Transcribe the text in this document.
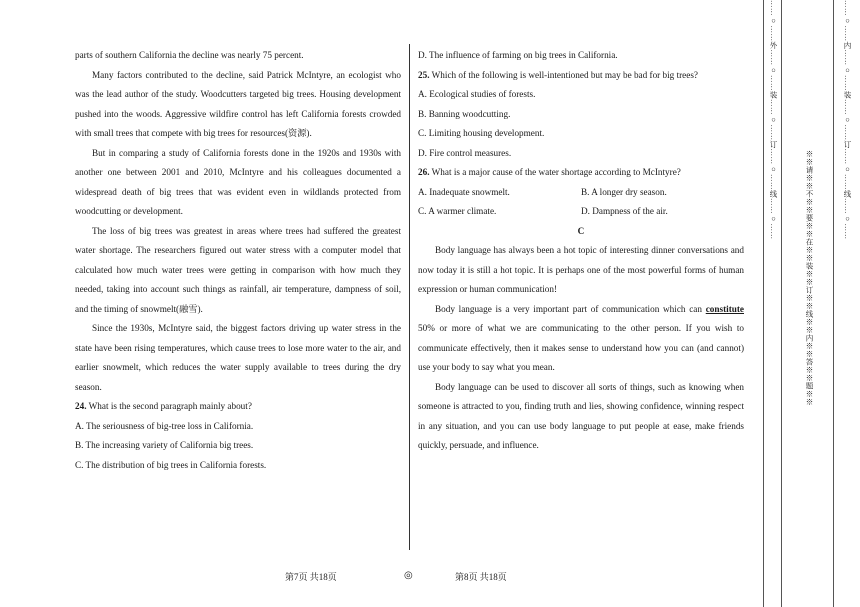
parts of southern California the decline was nearly 75 percent.

Many factors contributed to the decline, said Patrick McIntyre, an ecologist who was the lead author of the study. Woodcutters targeted big trees. Housing development pushed into the woods. Aggressive wildfire control has left California forests crowded with small trees that compete with big trees for resources(资源).

But in comparing a study of California forests done in the 1920s and 1930s with another one between 2001 and 2010, McIntyre and his colleagues documented a widespread death of big trees that was evident even in wildlands protected from woodcutting or development.

The loss of big trees was greatest in areas where trees had suffered the greatest water shortage. The researchers figured out water stress with a computer model that calculated how much water trees were getting in comparison with how much they needed, taking into account such things as rainfall, air temperature, dampness of soil, and the timing of snowmelt(融雪).

Since the 1930s, McIntyre said, the biggest factors driving up water stress in the state have been rising temperatures, which cause trees to lose more water to the air, and earlier snowmelt, which reduces the water supply available to trees during the dry season.

24. What is the second paragraph mainly about?

A. The seriousness of big-tree loss in California.

B. The increasing variety of California big trees.

C. The distribution of big trees in California forests.

D. The influence of farming on big trees in California.

25. Which of the following is well-intentioned but may be bad for big trees?

A. Ecological studies of forests.

B. Banning woodcutting.

C. Limiting housing development.

D. Fire control measures.

26. What is a major cause of the water shortage according to McIntyre?

A. Inadequate snowmelt.	B. A longer dry season.
C. A warmer climate.	D. Dampness of the air.

C

Body language has always been a hot topic of interesting dinner conversations and now today it is still a hot topic. It is perhaps one of the most powerful forms of human expression or human communication!

Body language is a very important part of communication which can constitute 50% or more of what we are communicating to the other person. If you wish to communicate effectively, then it makes sense to understand how you can (and cannot) use your body to say what you mean.

Body language can be used to discover all sorts of things, such as knowing when someone is attracted to you, finding truth and lies, showing confidence, winning respect in any situation, and you can use body language to put people at ease, make friends quickly, persuade, and influence.

第7页 共18页	◎	第8页 共18页
……○……外……○……装……○……订……○……线……○……
※※请※※不※※要※※在※※装※※订※※线※※内※※答※※题※※
……○……内……○……装……○……订……○……线……○……
